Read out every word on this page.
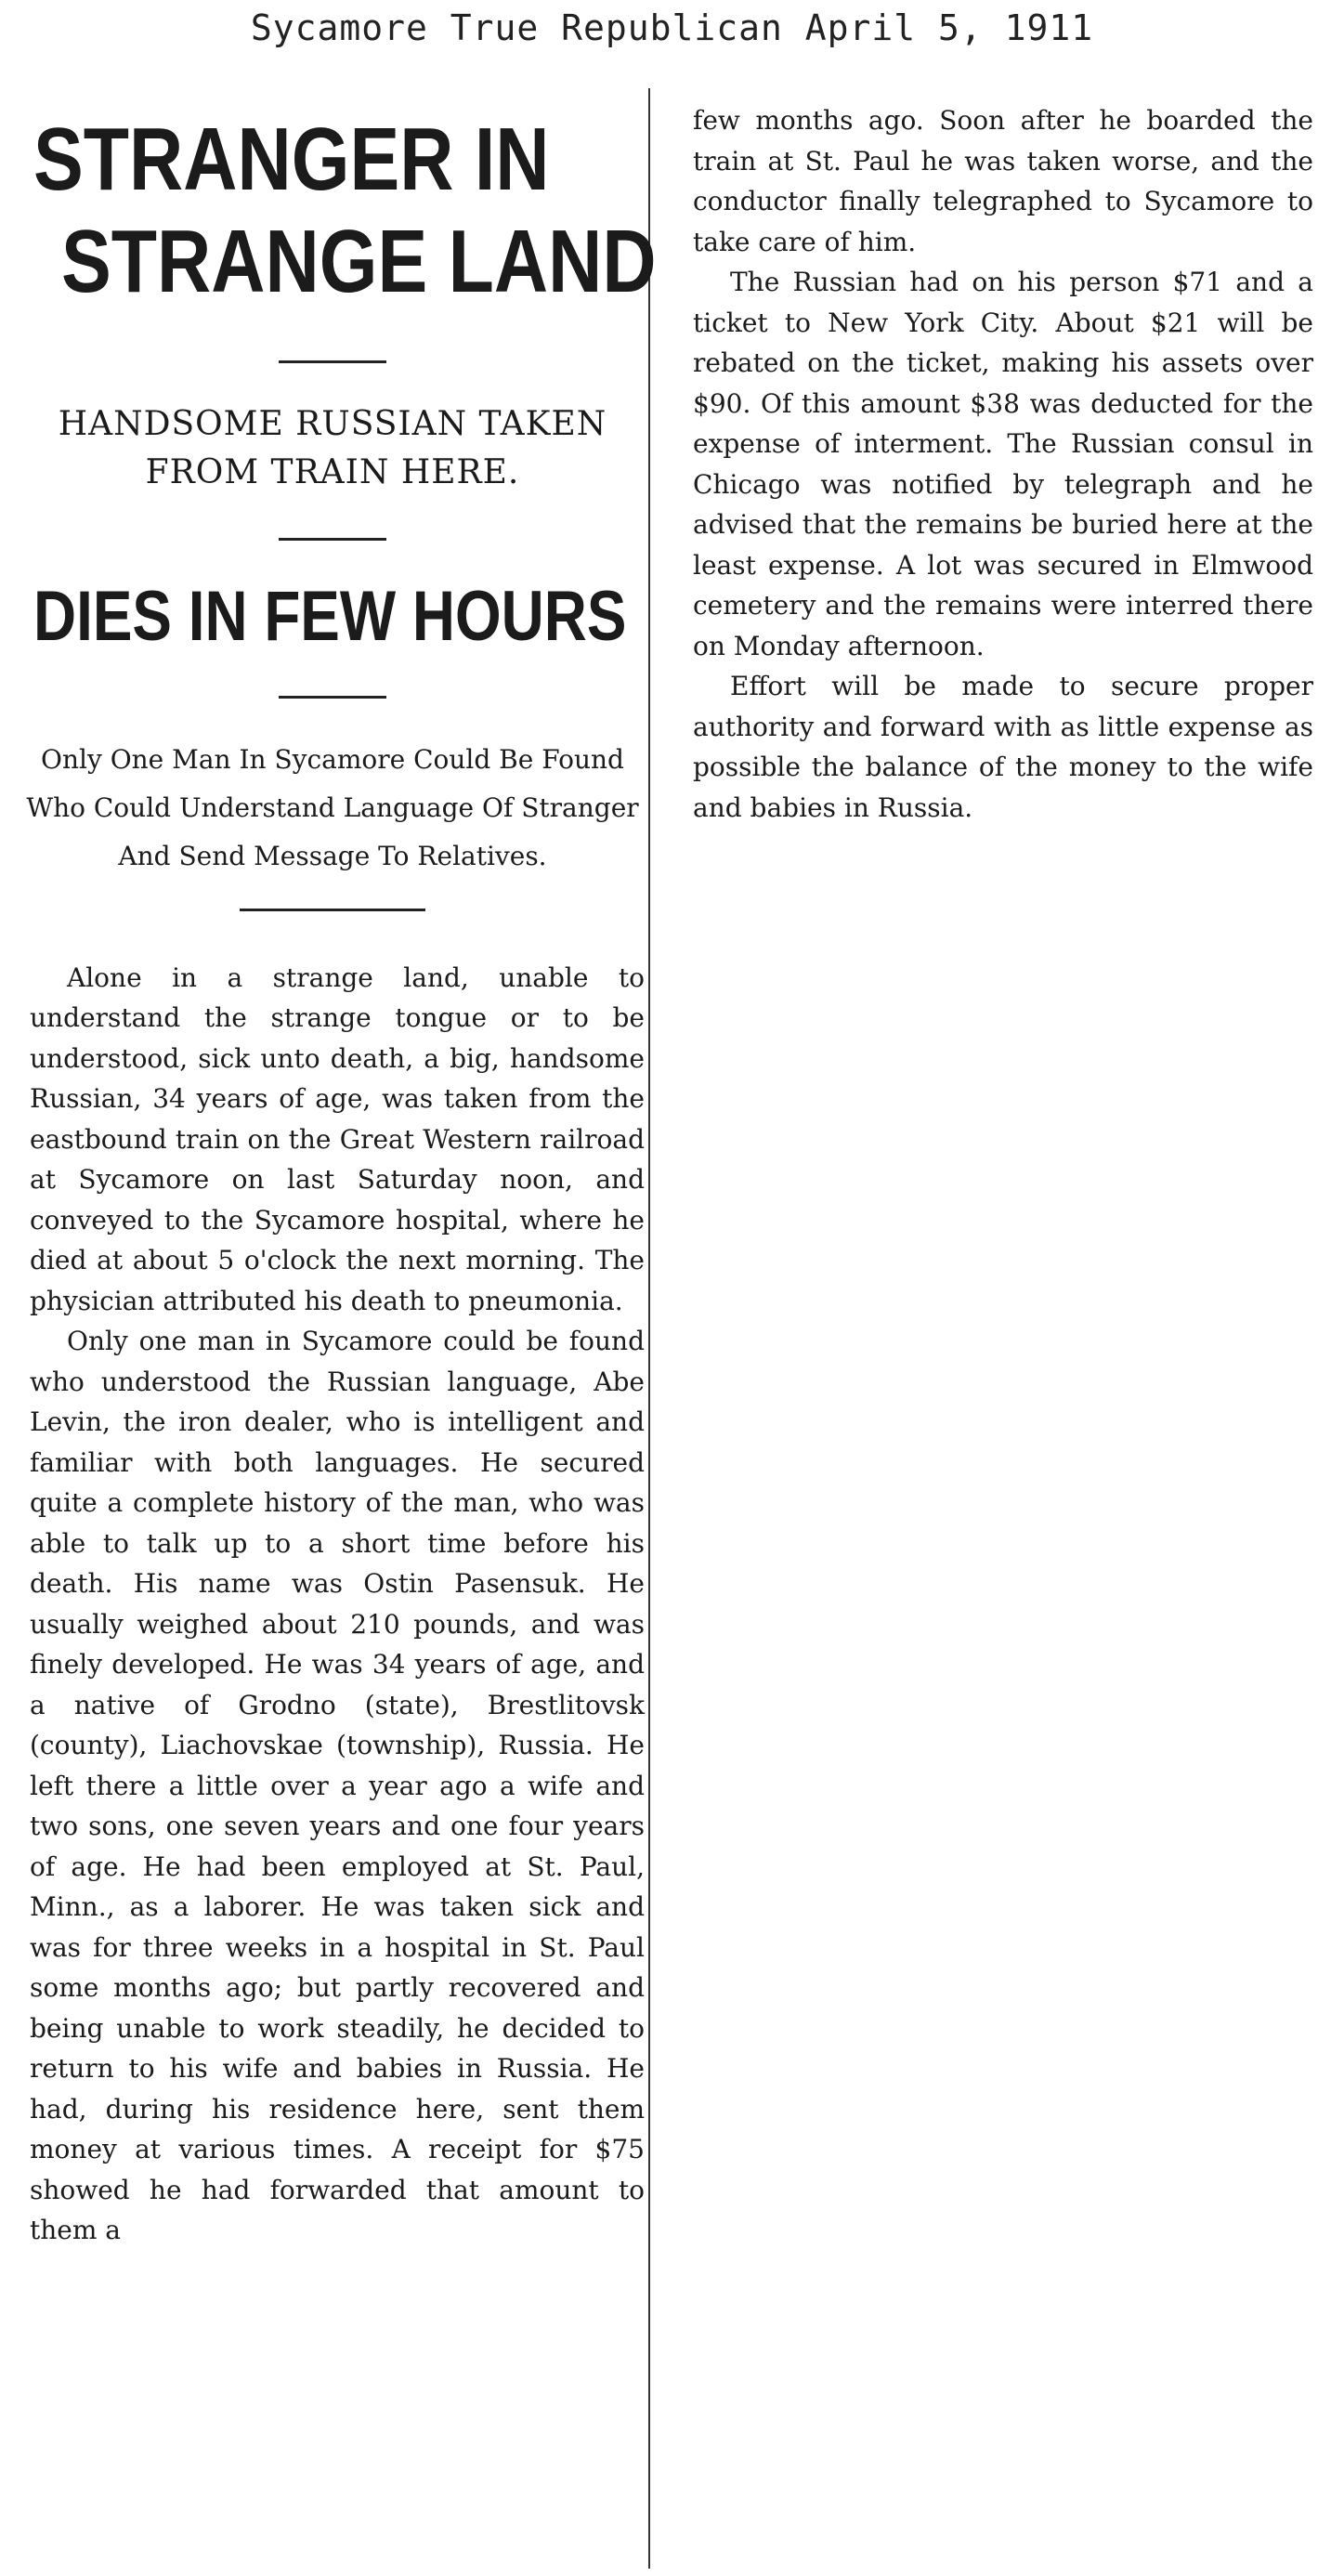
Sycamore True Republican April 5, 1911
STRANGER IN
STRANGE LAND
HANDSOME RUSSIAN TAKEN FROM TRAIN HERE.
DIES IN FEW HOURS
Only One Man In Sycamore Could Be Found Who Could Understand Language Of Stranger And Send Message To Relatives.

Alone in a strange land, unable to understand the strange tongue or to be understood, sick unto death, a big, handsome Russian, 34 years of age, was taken from the eastbound train on the Great Western railroad at Sycamore on last Saturday noon, and conveyed to the Sycamore hospital, where he died at about 5 o'clock the next morning. The physician attributed his death to pneumonia.

Only one man in Sycamore could be found who understood the Russian language, Abe Levin, the iron dealer, who is intelligent and familiar with both languages. He secured quite a complete history of the man, who was able to talk up to a short time before his death. His name was Ostin Pasensuk. He usually weighed about 210 pounds, and was finely developed. He was 34 years of age, and a native of Grodno (state), Brestlitovsk (county), Liachovskae (township), Russia. He left there a little over a year ago a wife and two sons, one seven years and one four years of age. He had been employed at St. Paul, Minn., as a laborer. He was taken sick and was for three weeks in a hospital in St. Paul some months ago; but partly recovered and being unable to work steadily, he decided to return to his wife and babies in Russia. He had, during his residence here, sent them money at various times. A receipt for $75 showed he had forwarded that amount to them a

few months ago. Soon after he boarded the train at St. Paul he was taken worse, and the conductor finally telegraphed to Sycamore to take care of him.

The Russian had on his person $71 and a ticket to New York City. About $21 will be rebated on the ticket, making his assets over $90. Of this amount $38 was deducted for the expense of interment. The Russian consul in Chicago was notified by telegraph and he advised that the remains be buried here at the least expense. A lot was secured in Elmwood cemetery and the remains were interred there on Monday afternoon.

Effort will be made to secure proper authority and forward with as little expense as possible the balance of the money to the wife and babies in Russia.
